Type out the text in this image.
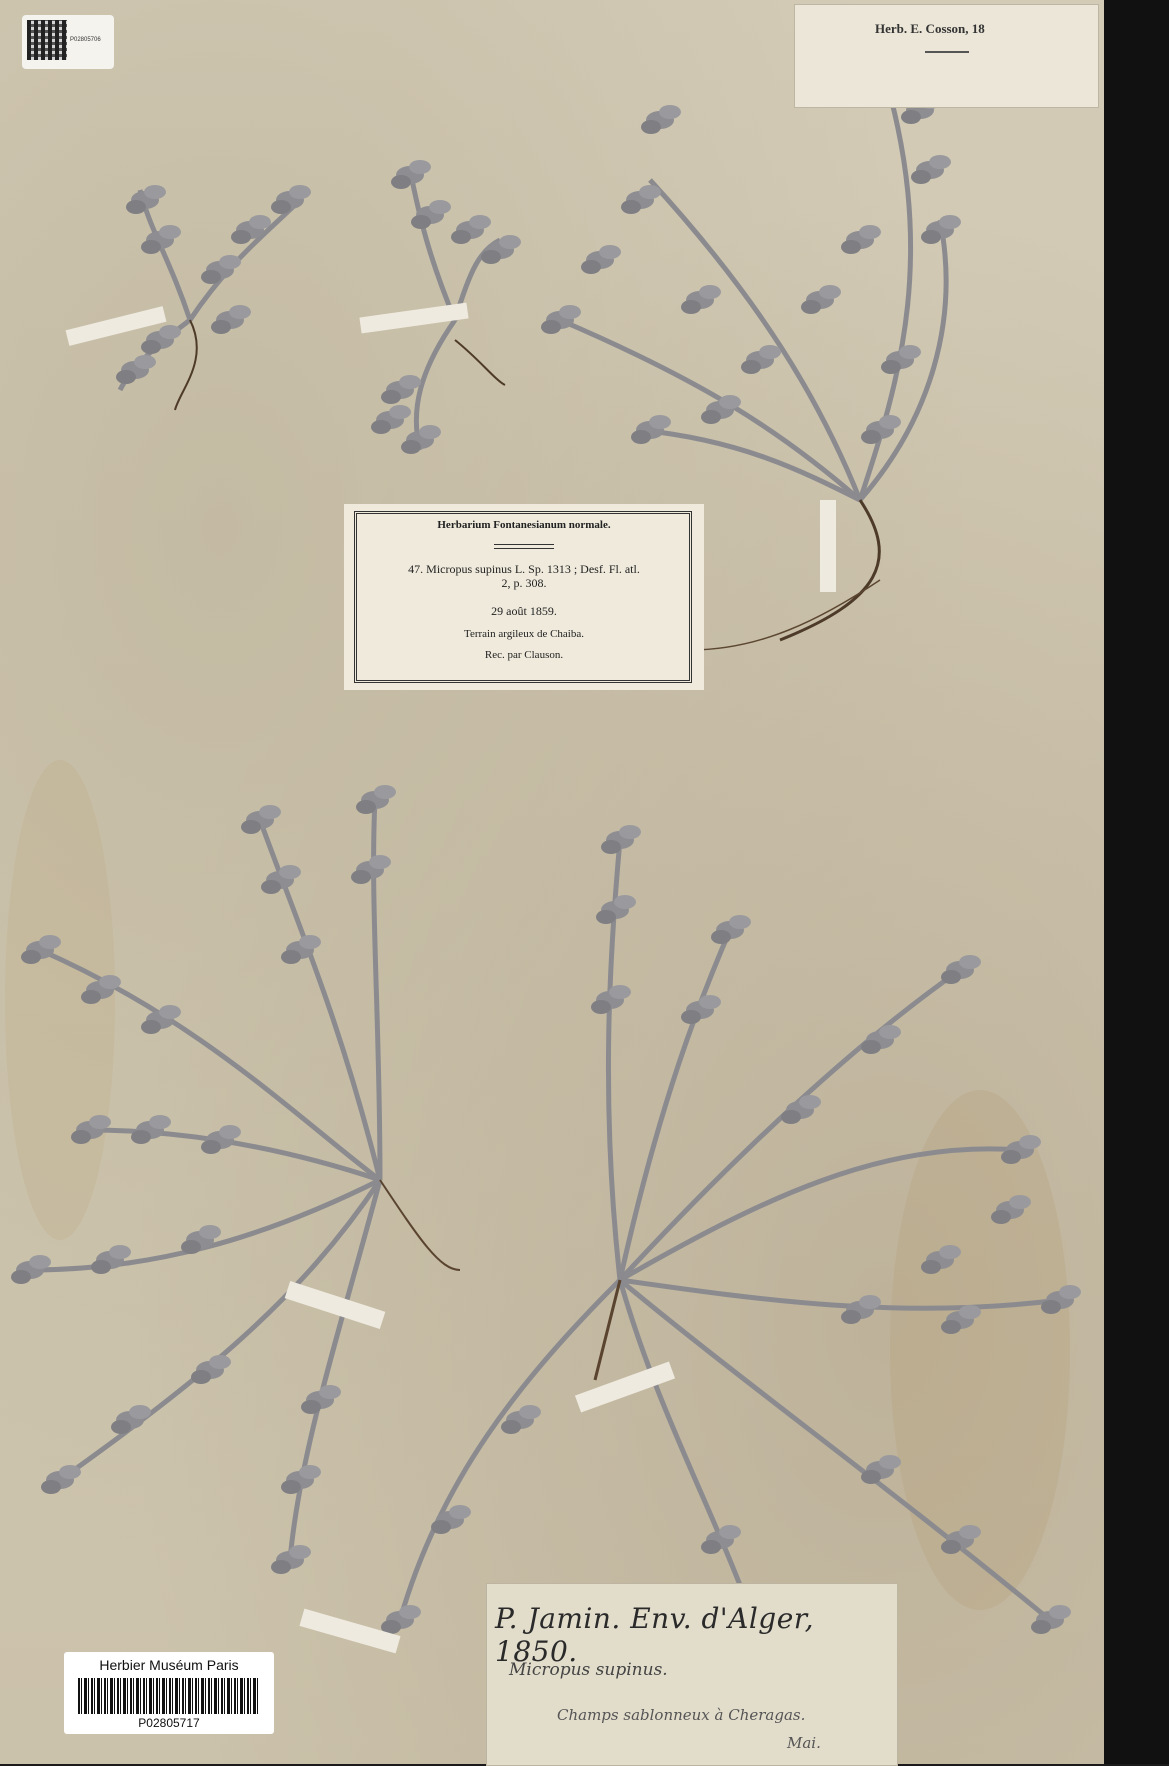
P02805706
Herb. E. Cosson, 18
Herbarium Fontanesianum normale.
47. Micropus supinus L. Sp. 1313 ; Desf. Fl. atl.
2, p. 308.
29 août 1859.
Terrain argileux de Chaiba.
Rec. par Clauson.
P. Jamin. Env. d'Alger, 1850.
Micropus supinus.
Champs sablonneux à Cheragas.
Mai.
Herbier Muséum Paris
P02805717
